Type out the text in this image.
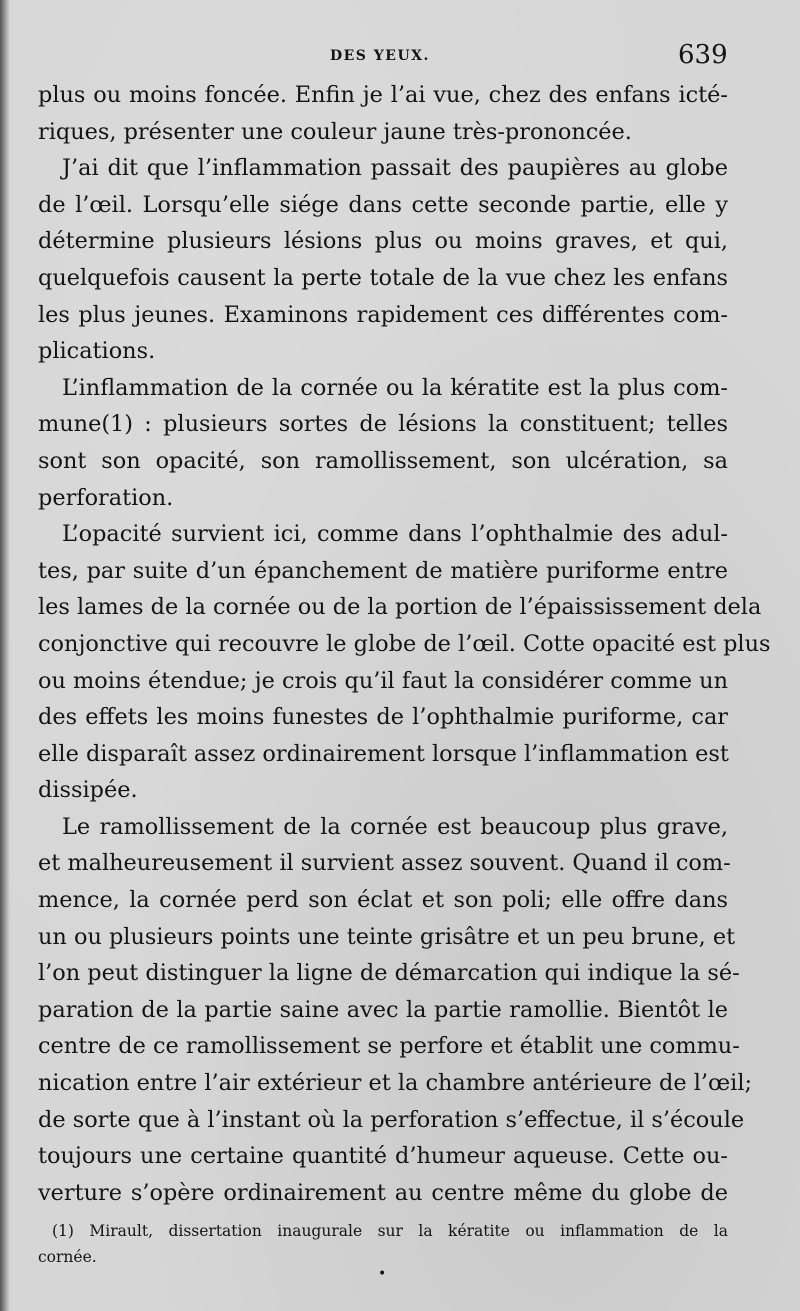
DES YEUX.	639
plus ou moins foncée. Enfin je l’ai vue, chez des enfans icté-
riques, présenter une couleur jaune très-prononcée.
J’ai dit que l’inflammation passait des paupières au globe
de l’œil. Lorsqu’elle siége dans cette seconde partie, elle y
détermine plusieurs lésions plus ou moins graves, et qui,
quelquefois causent la perte totale de la vue chez les enfans
les plus jeunes. Examinons rapidement ces différentes com-
plications.
L’inflammation de la cornée ou la kératite est la plus com-
mune(1) : plusieurs sortes de lésions la constituent; telles
sont son opacité, son ramollissement, son ulcération, sa
perforation.
L’opacité survient ici, comme dans l’ophthalmie des adul-
tes, par suite d’un épanchement de matière puriforme entre
les lames de la cornée ou de la portion de l’épaississement dela
conjonctive qui recouvre le globe de l’œil. Cotte opacité est plus
ou moins étendue; je crois qu’il faut la considérer comme un
des effets les moins funestes de l’ophthalmie puriforme, car
elle disparaît assez ordinairement lorsque l’inflammation est
dissipée.
Le ramollissement de la cornée est beaucoup plus grave,
et malheureusement il survient assez souvent. Quand il com-
mence, la cornée perd son éclat et son poli; elle offre dans
un ou plusieurs points une teinte grisâtre et un peu brune, et
l’on peut distinguer la ligne de démarcation qui indique la sé-
paration de la partie saine avec la partie ramollie. Bientôt le
centre de ce ramollissement se perfore et établit une commu-
nication entre l’air extérieur et la chambre antérieure de l’œil;
de sorte que à l’instant où la perforation s’effectue, il s’écoule
toujours une certaine quantité d’humeur aqueuse. Cette ou-
verture s’opère ordinairement au centre même du globe de
(1) Mirault, dissertation inaugurale sur la kératite ou inflammation de la
cornée.
•
